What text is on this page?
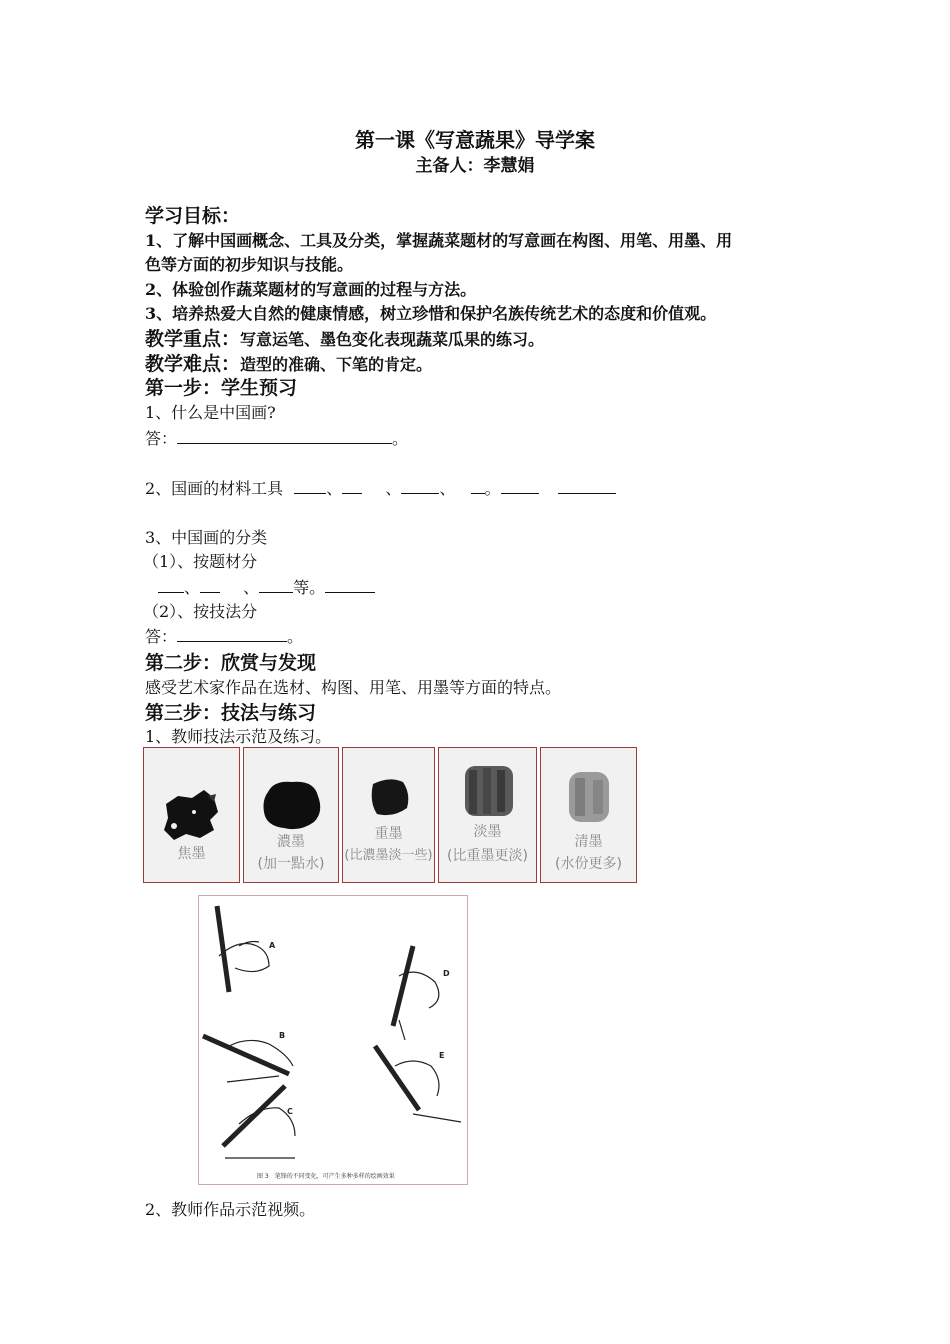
第一课《写意蔬果》导学案
主备人：李慧娟
学习目标：
1、了解中国画概念、工具及分类，掌握蔬菜题材的写意画在构图、用笔、用墨、用
色等方面的初步知识与技能。
2、体验创作蔬菜题材的写意画的过程与方法。
3、培养热爱大自然的健康情感，树立珍惜和保护名族传统艺术的态度和价值观。
教学重点：写意运笔、墨色变化表现蔬菜瓜果的练习。
教学难点：造型的准确、下笔的肯定。
第一步：学生预习
1、什么是中国画?
答：	。
2、国画的材料工具	、	、 、 。
3、中国画的分类
（1）、按题材分
、	、 等。
（2）、按技法分
答：	。
第二步：欣赏与发现
感受艺术家作品在选材、构图、用笔、用墨等方面的特点。
第三步：技法与练习
1、教师技法示范及练习。
焦墨
濃墨
(加一點水)
重墨
(比濃墨淡一些)
淡墨
(比重墨更淡)
清墨
(水份更多)
A
B
C
D
E
图 3　笔锋的不同变化，可产生多种多样的绘画效果
2、教师作品示范视频。
